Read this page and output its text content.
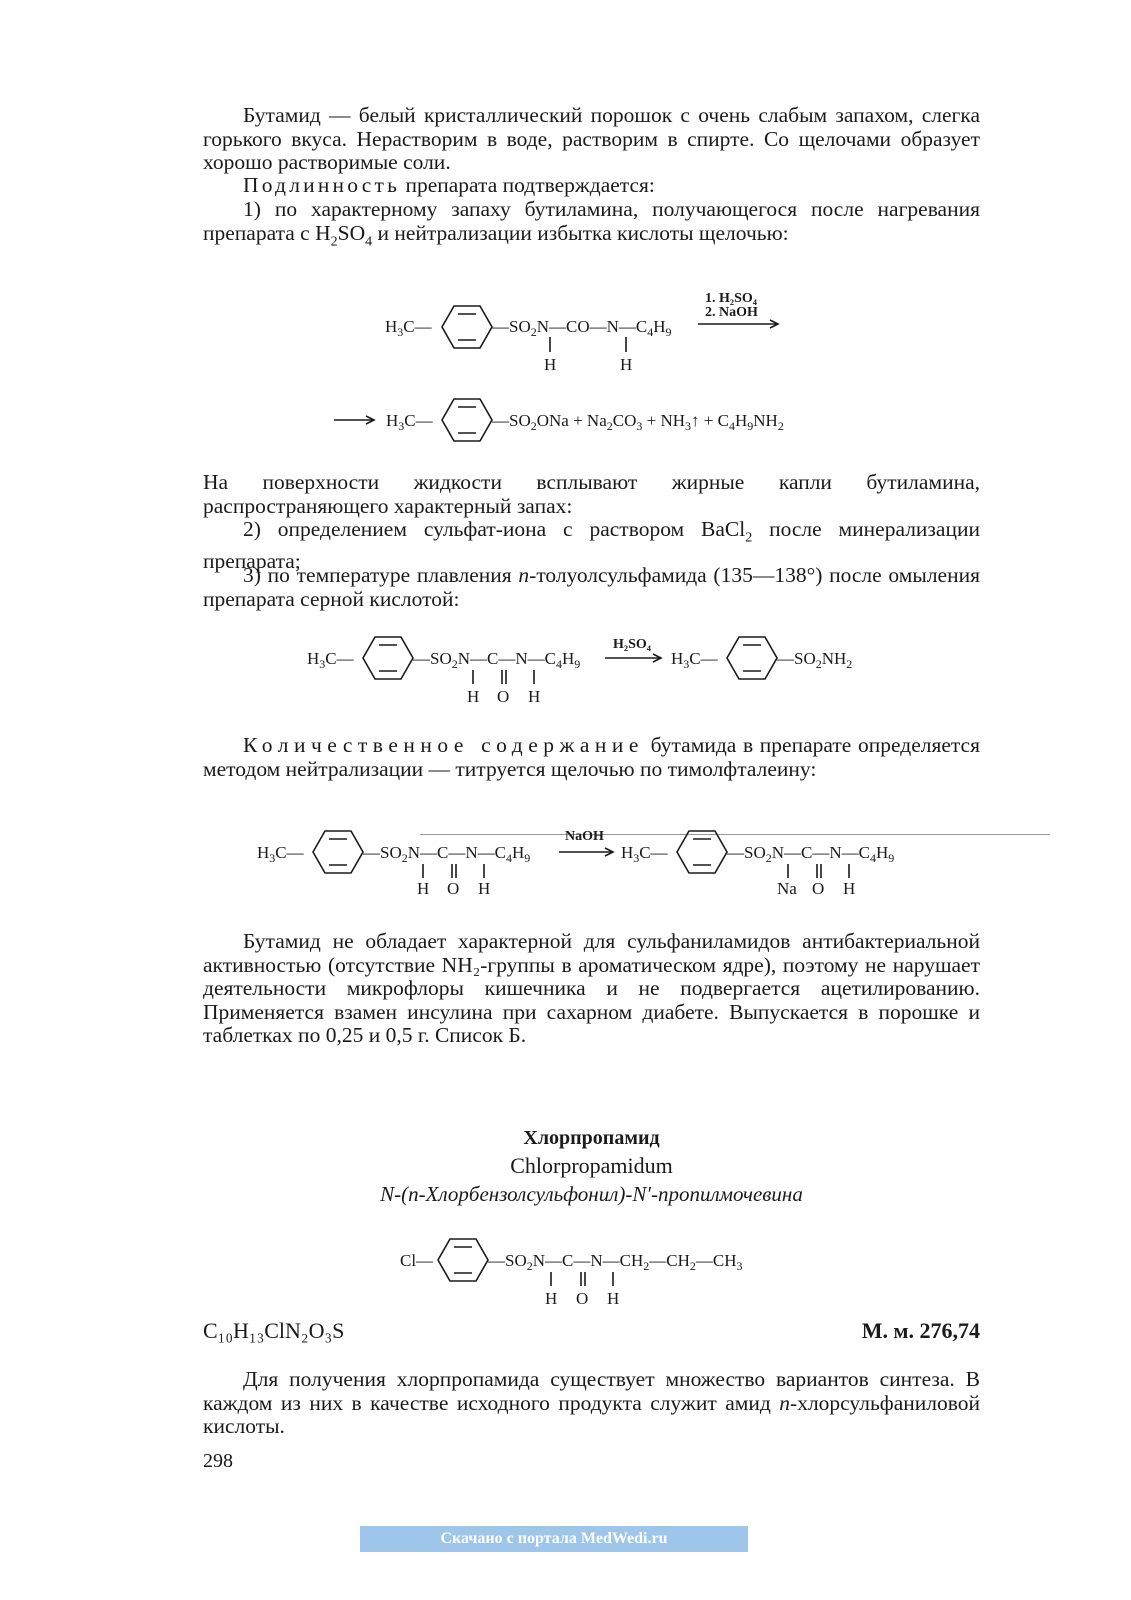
Бутамид — белый кристаллический порошок с очень слабым запахом, слегка горького вкуса. Нерастворим в воде, растворим в спирте. Со щелочами образует хорошо растворимые соли.

Подлинность препарата подтверждается:

1) по характерному запаху бутиламина, получающегося после нагревания препарата с $H_2SO_4$ и нейтрализации избытка кислоты щелочью:

$H_3C—$	$—SO_2N—CO—N—C_4H_9$
H	H
1. H₂SO₄
2. NaOH
$H_3C—$	$—SO_2ONa + Na_2CO_3$ + $NH_3↑ + C_4H_9NH_2$

На поверхности жидкости всплывают жирные капли бутиламина, распространяющего характерный запах:

2) определением сульфат-иона с раствором BaCl$_2$ после минерализации препарата;

3) по температуре плавления n-толуолсульфамида (135—138°) после омыления препарата серной кислотой:

$H_3C—$	$—SO_2N—C—N—C_4H_9$
H O H
H₂SO₄
$H_3C—$	$—SO_2NH_2$

Количественное содержание бутамида в препарате определяется методом нейтрализации — титруется щелочью по тимолфталеину:

$H_3C—$	$—SO_2N—C—N—C_4H_9$
H O H
NaOH
$H_3C—$	$—SO_2N—C—N—C_4H_9$
Na O H

Бутамид не обладает характерной для сульфаниламидов антибактериальной активностью (отсутствие NH₂-группы в ароматическом ядре), поэтому не нарушает деятельности микрофлоры кишечника и не подвергается ацетилированию. Применяется взамен инсулина при сахарном диабете. Выпускается в порошке и таблетках по 0,25 и 0,5 г. Список Б.

Хлорпропамид
Chlorpropamidum
N-(n-Хлорбензолсульфонил)-N′-пропилмочевина
Cl—	$—SO_2N—C—N—CH_2—CH_2—CH_3$
H O H
C₁₀H₁₃ClN₂O₃S	М. м. 276,74

Для получения хлорпропамида существует множество вариантов синтеза. В каждом из них в качестве исходного продукта служит амид n-хлорсульфаниловой кислоты.

298
Скачано с портала MedWedi.ru
